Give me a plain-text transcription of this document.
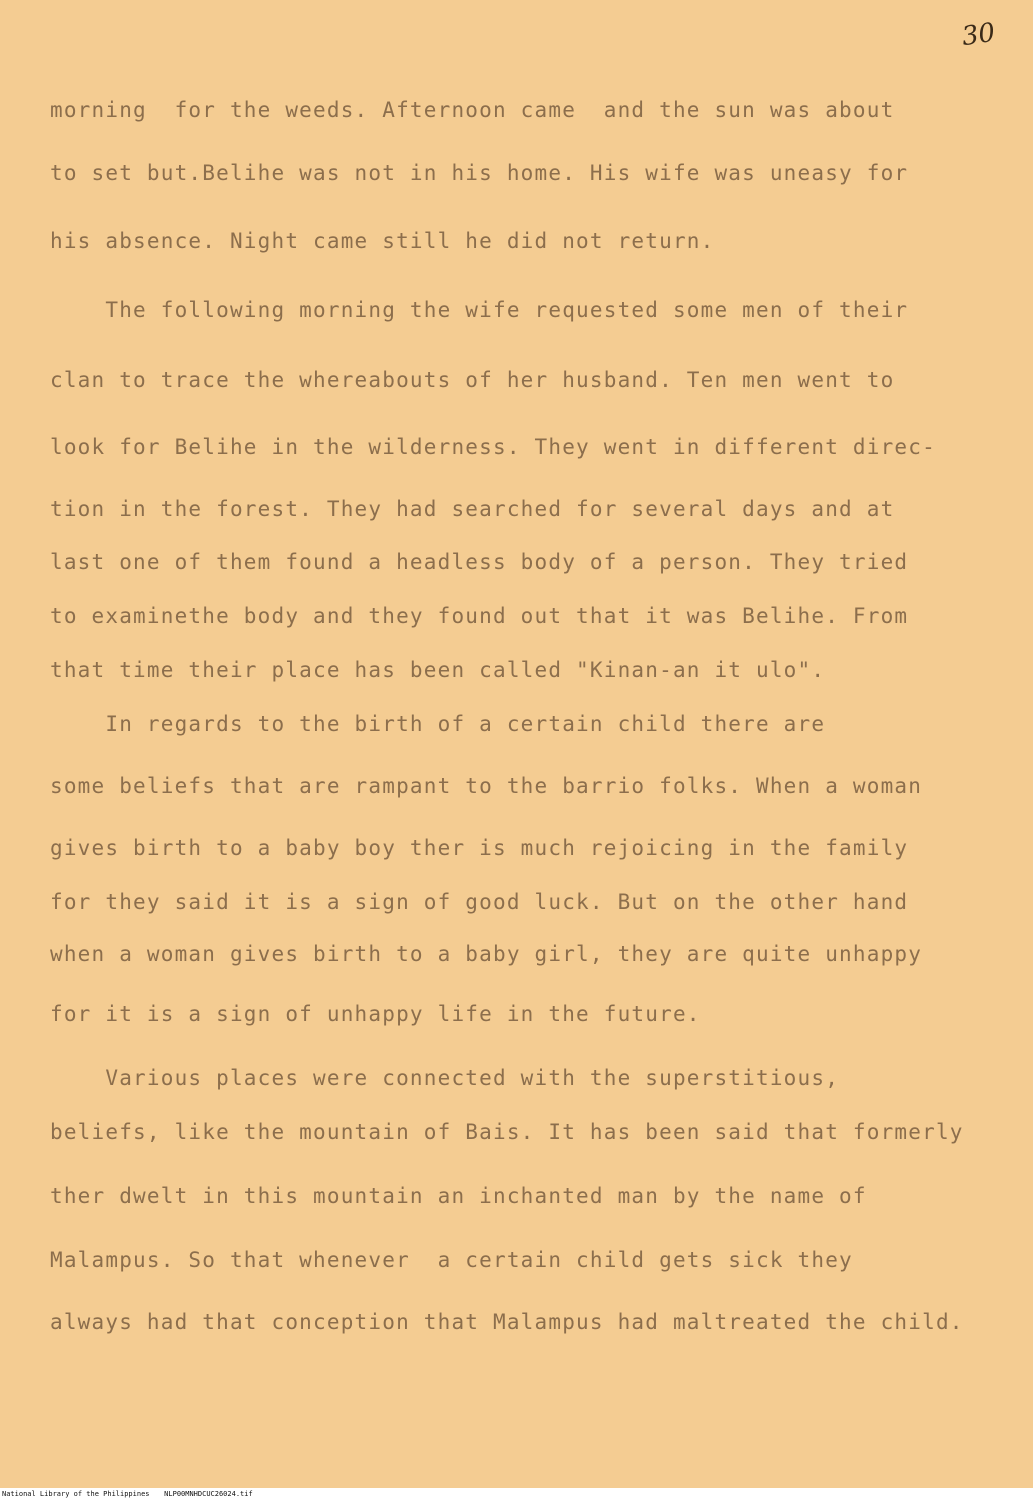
30
morning  for the weeds. Afternoon came  and the sun was about
to set but.Belihe was not in his home. His wife was uneasy for
his absence. Night came still he did not return.
The following morning the wife requested some men of their
clan to trace the whereabouts of her husband. Ten men went to
look for Belihe in the wilderness. They went in different direc-
tion in the forest. They had searched for several days and at
last one of them found a headless body of a person. They tried
to examinethe body and they found out that it was Belihe. From
that time their place has been called "Kinan-an it ulo".
In regards to the birth of a certain child there are
some beliefs that are rampant to the barrio folks. When a woman
gives birth to a baby boy ther is much rejoicing in the family
for they said it is a sign of good luck. But on the other hand
when a woman gives birth to a baby girl, they are quite unhappy
for it is a sign of unhappy life in the future.
Various places were connected with the superstitious,
beliefs, like the mountain of Bais. It has been said that formerly
ther dwelt in this mountain an inchanted man by the name of
Malampus. So that whenever  a certain child gets sick they
always had that conception that Malampus had maltreated the child.
National Library of the Philippines NLP00MNHDCUC26024.tif
